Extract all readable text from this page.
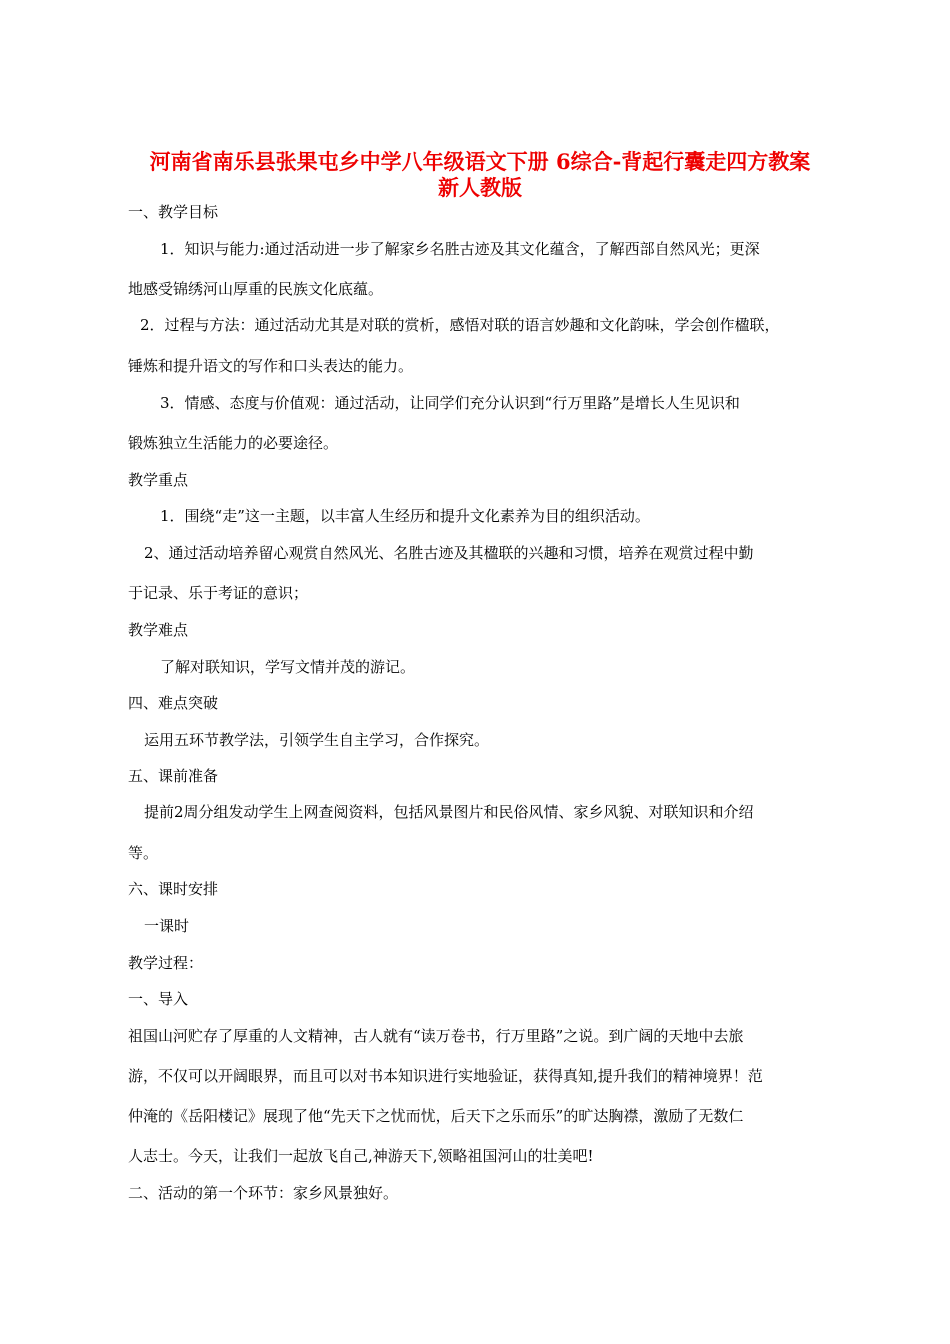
河南省南乐县张果屯乡中学八年级语文下册 6综合-背起行囊走四方教案
新人教版
一、教学目标
1．知识与能力:通过活动进一步了解家乡名胜古迹及其文化蕴含，了解西部自然风光；更深
地感受锦绣河山厚重的民族文化底蕴。
2．过程与方法：通过活动尤其是对联的赏析，感悟对联的语言妙趣和文化韵味，学会创作楹联，
锤炼和提升语文的写作和口头表达的能力。
3．情感、态度与价值观：通过活动，让同学们充分认识到“行万里路”是增长人生见识和
锻炼独立生活能力的必要途径。
教学重点
1．围绕“走”这一主题，以丰富人生经历和提升文化素养为目的组织活动。
2、通过活动培养留心观赏自然风光、名胜古迹及其楹联的兴趣和习惯，培养在观赏过程中勤
于记录、乐于考证的意识；
教学难点
了解对联知识，学写文情并茂的游记。
四、难点突破
运用五环节教学法，引领学生自主学习，合作探究。
五、课前准备
提前2周分组发动学生上网查阅资料，包括风景图片和民俗风情、家乡风貌、对联知识和介绍
等。
六、课时安排
一课时
教学过程：
一、导入
祖国山河贮存了厚重的人文精神，古人就有“读万卷书，行万里路”之说。到广阔的天地中去旅
游，不仅可以开阔眼界，而且可以对书本知识进行实地验证，获得真知,提升我们的精神境界！范
仲淹的《岳阳楼记》展现了他“先天下之忧而忧，后天下之乐而乐”的旷达胸襟，激励了无数仁
人志士。今天，让我们一起放飞自己,神游天下,领略祖国河山的壮美吧!
二、活动的第一个环节：家乡风景独好。
